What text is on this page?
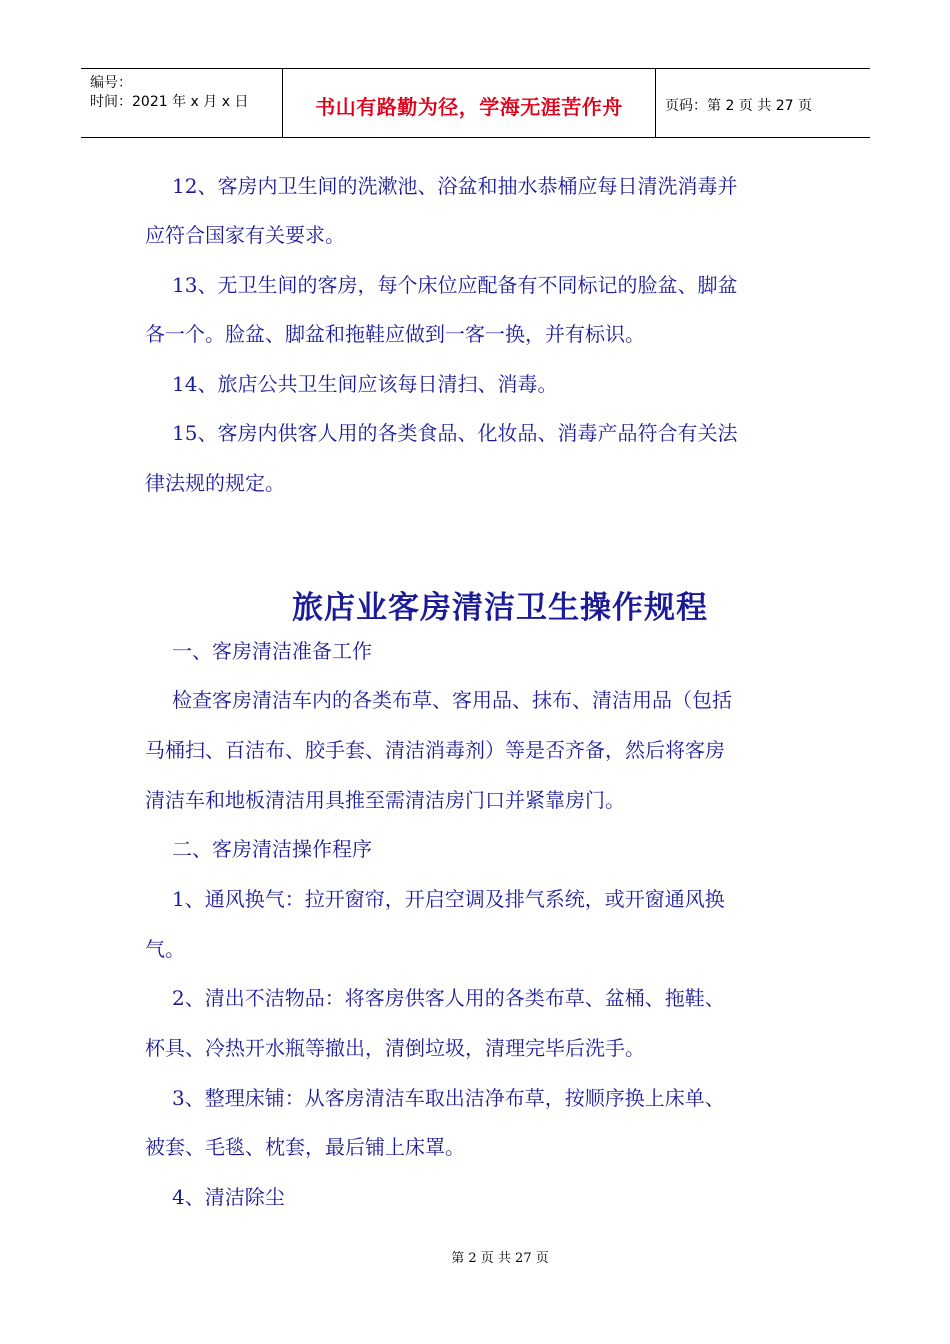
编号：
时间：2021 年 x 月 x 日	书山有路勤为径，学海无涯苦作舟	页码：第 2 页 共 27 页
12、客房内卫生间的洗漱池、浴盆和抽水恭桶应每日清洗消毒并
应符合国家有关要求。
13、无卫生间的客房，每个床位应配备有不同标记的脸盆、脚盆
各一个。脸盆、脚盆和拖鞋应做到一客一换，并有标识。
14、旅店公共卫生间应该每日清扫、消毒。
15、客房内供客人用的各类食品、化妆品、消毒产品符合有关法
律法规的规定。
旅店业客房清洁卫生操作规程
一、客房清洁准备工作
检查客房清洁车内的各类布草、客用品、抹布、清洁用品（包括
马桶扫、百洁布、胶手套、清洁消毒剂）等是否齐备，然后将客房
清洁车和地板清洁用具推至需清洁房门口并紧靠房门。
二、客房清洁操作程序
1、通风换气：拉开窗帘，开启空调及排气系统，或开窗通风换
气。
2、清出不洁物品：将客房供客人用的各类布草、盆桶、拖鞋、
杯具、冷热开水瓶等撤出，清倒垃圾，清理完毕后洗手。
3、整理床铺：从客房清洁车取出洁净布草，按顺序换上床单、
被套、毛毯、枕套，最后铺上床罩。
4、清洁除尘
第 2 页 共 27 页
